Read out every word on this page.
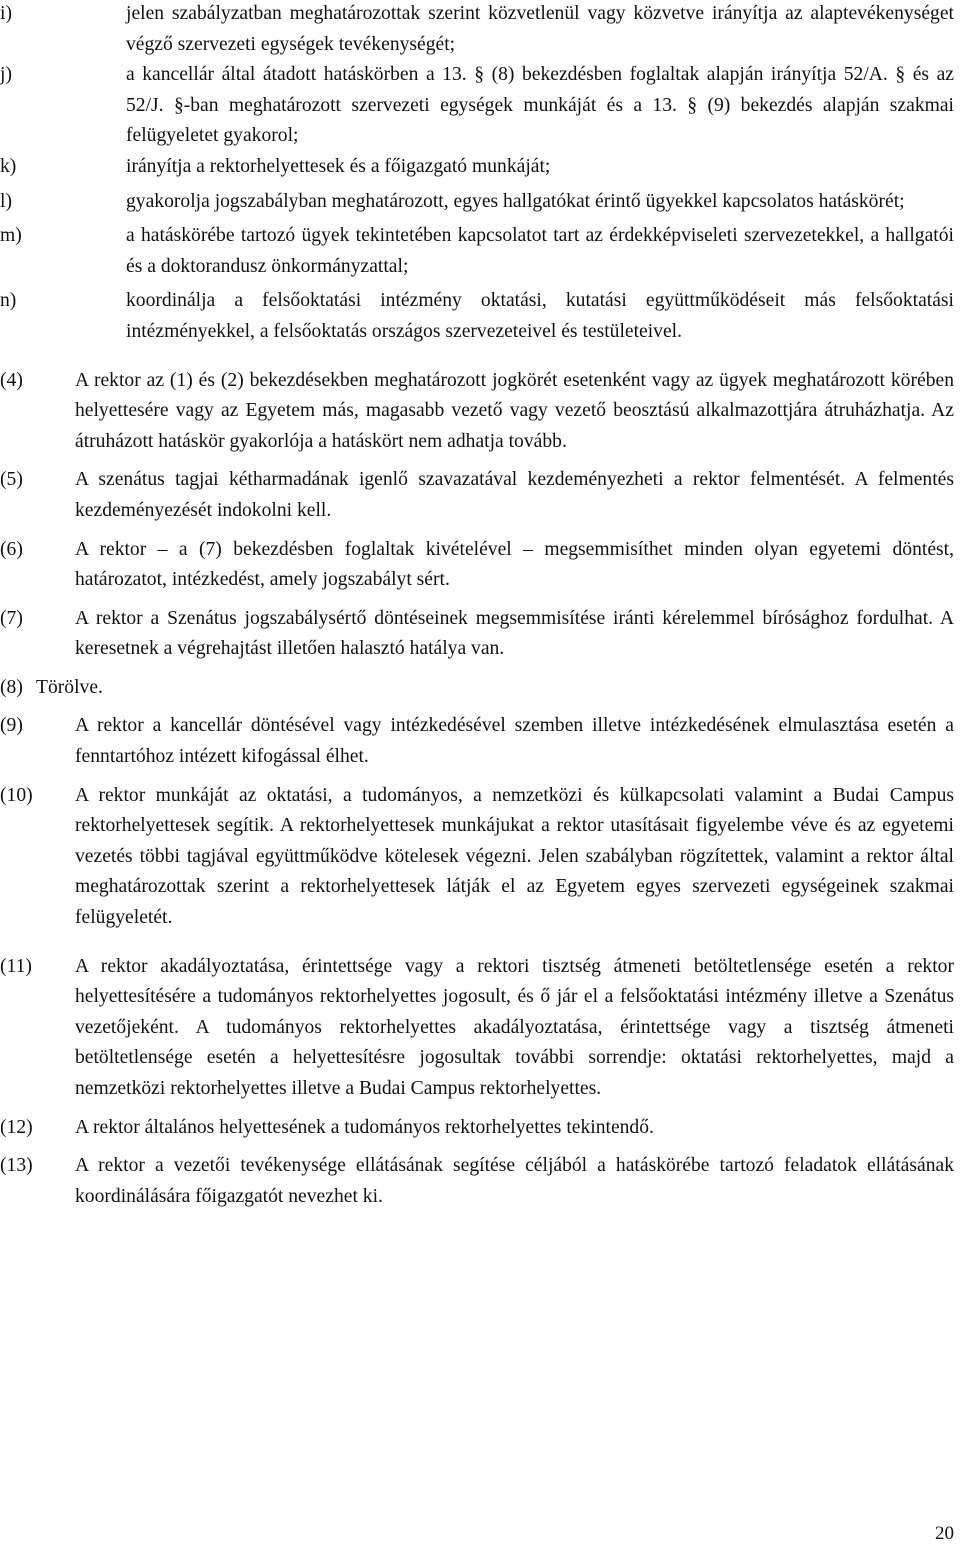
i)	jelen szabályzatban meghatározottak szerint közvetlenül vagy közvetve irányítja az alaptevékenységet végző szervezeti egységek tevékenységét;
j)	a kancellár által átadott hatáskörben a 13. § (8) bekezdésben foglaltak alapján irányítja 52/A. § és az 52/J. §-ban meghatározott szervezeti egységek munkáját és a 13. § (9) bekezdés alapján szakmai felügyeletet gyakorol;
k)	irányítja a rektorhelyettesek és a főigazgató munkáját;
l)	gyakorolja jogszabályban meghatározott, egyes hallgatókat érintő ügyekkel kapcsolatos hatáskörét;
m)	a hatáskörébe tartozó ügyek tekintetében kapcsolatot tart az érdekképviseleti szervezetekkel, a hallgatói és a doktorandusz önkormányzattal;
n)	koordinálja a felsőoktatási intézmény oktatási, kutatási együttműködéseit más felsőoktatási intézményekkel, a felsőoktatás országos szervezeteivel és testületeivel.
(4)	A rektor az (1) és (2) bekezdésekben meghatározott jogkörét esetenként vagy az ügyek meghatározott körében helyettesére vagy az Egyetem más, magasabb vezető vagy vezető beosztású alkalmazottjára átruházhatja. Az átruházott hatáskör gyakorlója a hatáskört nem adhatja tovább.
(5)	A szenátus tagjai kétharmadának igenlő szavazatával kezdeményezheti a rektor felmentését. A felmentés kezdeményezését indokolni kell.
(6)	A rektor – a (7) bekezdésben foglaltak kivételével – megsemmisíthet minden olyan egyetemi döntést, határozatot, intézkedést, amely jogszabályt sért.
(7)	A rektor a Szenátus jogszabálysértő döntéseinek megsemmisítése iránti kérelemmel bírósághoz fordulhat. A keresetnek a végrehajtást illetően halasztó hatálya van.
(8) Törölve.
(9)	A rektor a kancellár döntésével vagy intézkedésével szemben illetve intézkedésének elmulasztása esetén a fenntartóhoz intézett kifogással élhet.
(10)	A rektor munkáját az oktatási, a tudományos, a nemzetközi és külkapcsolati valamint a Budai Campus rektorhelyettesek segítik. A rektorhelyettesek munkájukat a rektor utasításait figyelembe véve és az egyetemi vezetés többi tagjával együttműködve kötelesek végezni. Jelen szabályban rögzítettek, valamint a rektor által meghatározottak szerint a rektorhelyettesek látják el az Egyetem egyes szervezeti egységeinek szakmai felügyeletét.
(11)	A rektor akadályoztatása, érintettsége vagy a rektori tisztség átmeneti betöltetlensége esetén a rektor helyettesítésére a tudományos rektorhelyettes jogosult, és ő jár el a felsőoktatási intézmény illetve a Szenátus vezetőjeként. A tudományos rektorhelyettes akadályoztatása, érintettsége vagy a tisztség átmeneti betöltetlensége esetén a helyettesítésre jogosultak további sorrendje: oktatási rektorhelyettes, majd a nemzetközi rektorhelyettes illetve a Budai Campus rektorhelyettes.
(12)	A rektor általános helyettesének a tudományos rektorhelyettes tekintendő.
(13)	A rektor a vezetői tevékenysége ellátásának segítése céljából a hatáskörébe tartozó feladatok ellátásának koordinálására főigazgatót nevezhet ki.
20
